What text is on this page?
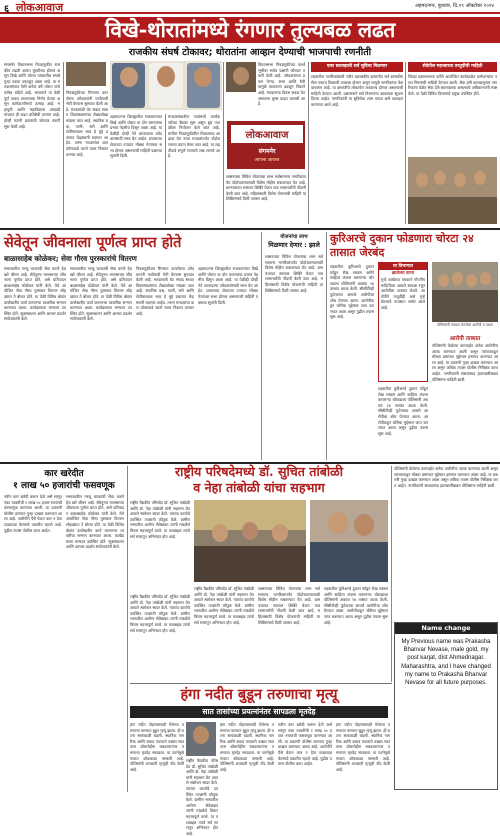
६ लोकआवाज	अहमदनगर, बुधवार, दि.२९ ऑक्टोबर २०२४
विखे-थोरातांमध्ये रंगणार तुल्यबळ लढत
राजकीय संघर्ष टोकावर; थोरातांना आव्हान देण्याची भाजपाची रणनीती
संगमनेर विधानसभा निवडणुकीत राजकीय लढती अत्यंत चुरशीच्या होणार असून विखे आणि थोरात यांच्यातील संघर्ष पुन्हा एकदा उफाळून आला आहे. या मतदारसंघात गेली अनेक वर्षे थोरात यांचे वर्चस्व राहिले आहे. भाजपाने या वेळी पूर्ण ताकद लावण्याचा निर्णय घेतला असून कार्यकर्त्यांमध्ये उत्साह आहे. महायुती आणि महाविकास आघाडी यांच्यात ही लढत प्रतिष्ठेची ठरणार आहे. दोन्ही गटांनी प्रचाराची जोरदार तयारी सुरू केली आहे.
निवडणुकीच्या रिंगणात उतरलेल्या उमेदवारांनी गावोगावी भेटी घेण्यास सुरुवात केली आहे. मतदारांशी थेट संवाद साधत विकासकामांचा लेखाजोखा मांडला जात आहे. स्थानिक प्रश्न, पाणी, रस्ते आणि शेतीमालाला भाव हे मुद्दे प्रचारात केंद्रस्थानी राहणार आहेत. तरुण मतदारांचा कल कोणाकडे जातो यावर निकाल ठरणार आहे.
अहमदनगर जिल्ह्यातील राजकारणात विखे आणि थोरात या दोन घराण्यांचा प्रभाव नेहमीच दिसून आला आहे. या वेळीही दोन्ही नेते आपापल्या उमेदवारांसाठी सभा घेत आहेत. प्रचाराच्या शेवटच्या टप्प्यात मोठ्या नेत्यांच्या सभा होणार असल्याची माहिती पक्षाच्या सूत्रांनी दिली.
मतदारसंघातील गावांमध्ये कार्यकर्त्यांच्या बैठका सुरू असून बूथ पातळीवर नियोजन केले जात आहे. मागील निवडणुकीतील निकालाचा आढावा घेत नव्या मतदारांपर्यंत पोहोचण्याचा प्रयत्न केला जात आहे. या लढतीकडे संपूर्ण राज्याचे लक्ष लागले आहे.
विधानसभा निवडणुकीच्या पार्श्वभूमीवर सर्वच पक्षांनी जोरदार तयारी केली आहे. उमेदवारांच्या प्रचार फेऱ्या, सभा आणि रॅली यामुळे वातावरण ढवळून निघाले आहे. मतदानाचा दिवस जवळ येत असताना चुरस वाढत चालली आहे.
लोकआवाज
संगमनेर
आपला आवाज
शासनाच्या विविध योजनांचा लाभ सर्वसामान्य नागरिकांपर्यंत पोहोचवण्यासाठी विशेष मोहीम राबवण्यात येत आहे. ग्रामपंचायत स्तरावर शिबिरे घेऊन पात्र लाभार्थ्यांची नोंदणी केली जात आहे. महिलांसाठी विशेष योजनांची माहिती या शिबिरांमध्ये दिली जाणार आहे.
एका छताखाली सर्व सुविधा मिळणार
शहरातील नागरिकांसाठी नवीन प्रशासकीय इमारतीत सर्व शासकीय सेवा एकाच ठिकाणी उपलब्ध होणार असून यामुळे नागरिकांचा वेळ वाचणार आहे. या इमारतीचे लोकार्पण लवकरच होणार असल्याची माहिती देण्यात आली. प्रशासनाने सर्व विभागांना आवश्यक सूचना दिल्या आहेत. नागरिकांनी या सुविधेचा लाभ घ्यावा असे आवाहन करण्यात आले आहे.
सेवेतील महत्त्वाच्या तरतुदींची माहिती
जिल्हा प्रशासनाच्या वतीने आयोजित कार्यशाळेत कर्मचाऱ्यांना नव्या नियमांची माहिती देण्यात आली. सेवा हमी कायद्यानुसार नागरिकांना वेळेत सेवा देणे बंधनकारक असल्याचे अधिकाऱ्यांनी स्पष्ट केले. या वेळी विविध विभागांचे प्रमुख उपस्थित होते.
सेवेतून जीवनाला पूर्णत्व प्राप्त होते
बाळासाहेब कोळेकर; सेवा गौरव पुरस्कारांचे वितरण
समाजातील गरजू घटकांची सेवा करणे हेच खरे जीवन आहे. सेवेतूनच माणसाच्या जीवनाला पूर्णत्व प्राप्त होते, असे प्रतिपादन बाळासाहेब कोळेकर यांनी केले. येथे आयोजित सेवा गौरव पुरस्कार वितरण सोहळ्यात ते बोलत होते. या वेळी विविध क्षेत्रांत उल्लेखनीय कार्य करणाऱ्या व्यक्तींचा सन्मान करण्यात आला. कार्यक्रमाला मान्यवर उपस्थित होते. सूत्रसंचालन आणि आभार प्रदर्शन संयोजकांनी केले.
समाजातील गरजू घटकांची सेवा करणे हेच खरे जीवन आहे. सेवेतूनच माणसाच्या जीवनाला पूर्णत्व प्राप्त होते, असे प्रतिपादन बाळासाहेब कोळेकर यांनी केले. येथे आयोजित सेवा गौरव पुरस्कार वितरण सोहळ्यात ते बोलत होते. या वेळी विविध क्षेत्रांत उल्लेखनीय कार्य करणाऱ्या व्यक्तींचा सन्मान करण्यात आला. कार्यक्रमाला मान्यवर उपस्थित होते. सूत्रसंचालन आणि आभार प्रदर्शन संयोजकांनी केले.
निवडणुकीच्या रिंगणात उतरलेल्या उमेदवारांनी गावोगावी भेटी घेण्यास सुरुवात केली आहे. मतदारांशी थेट संवाद साधत विकासकामांचा लेखाजोखा मांडला जात आहे. स्थानिक प्रश्न, पाणी, रस्ते आणि शेतीमालाला भाव हे मुद्दे प्रचारात केंद्रस्थानी राहणार आहेत. तरुण मतदारांचा कल कोणाकडे जातो यावर निकाल ठरणार आहे.
अहमदनगर जिल्ह्यातील राजकारणात विखे आणि थोरात या दोन घराण्यांचा प्रभाव नेहमीच दिसून आला आहे. या वेळीही दोन्ही नेते आपापल्या उमेदवारांसाठी सभा घेत आहेत. प्रचाराच्या शेवटच्या टप्प्यात मोठ्या नेत्यांच्या सभा होणार असल्याची माहिती पक्षाच्या सूत्रांनी दिली.
योजनांचा लाभ
मिळणार देणार : झाले
शासनाच्या विविध योजनांचा लाभ सर्वसामान्य नागरिकांपर्यंत पोहोचवण्यासाठी विशेष मोहीम राबवण्यात येत आहे. ग्रामपंचायत स्तरावर शिबिरे घेऊन पात्र लाभार्थ्यांची नोंदणी केली जात आहे. महिलांसाठी विशेष योजनांची माहिती या शिबिरांमध्ये दिली जाणार आहे.
कुरिअरचे दुकान फोडणारा चोरटा २४ तासात जेरबंद
शहरातील कुरिअरचे दुकान फोडून रोख रक्कम आणि साहित्य लंपास करणाऱ्या चोरट्याला पोलिसांनी अवघ्या २४ तासांत अटक केली. सीसीटीव्ही फुटेजच्या आधारे आरोपीचा शोध घेण्यात आला. आरोपीकडून चोरीचा मुद्देमाल जप्त करण्यात आला असून पुढील तपास सुरू आहे.
या विभागात
झालेल्या घटना
गुन्हे शाखेच्या पथकाने गोपनीय माहितीच्या आधारे सापळा रचून आरोपीला ताब्यात घेतले. आरोपीने यापूर्वीही असे गुन्हे केल्याचे तपासात समोर आले आहे.
पोलिसांनी ताब्यात घेतलेला आरोपी व पथक
शहरातील कुरिअरचे दुकान फोडून रोख रक्कम आणि साहित्य लंपास करणाऱ्या चोरट्याला पोलिसांनी अवघ्या २४ तासांत अटक केली. सीसीटीव्ही फुटेजच्या आधारे आरोपीचा शोध घेण्यात आला. आरोपीकडून चोरीचा मुद्देमाल जप्त करण्यात आला असून पुढील तपास सुरू आहे.
आरोपी ताब्यात
पोलिसांनी केलेल्या कारवाईत अनेक आरोपींना अटक करण्यात आली असून त्यांच्याकडून मोठ्या प्रमाणात मुद्देमाल हस्तगत करण्यात आला आहे. या प्रकरणी गुन्हा दाखल करण्यात आला असून अधिक तपास पोलीस निरीक्षक करत आहेत. नागरिकांनी संशयास्पद हालचालींबाबत पोलिसांना माहिती द्यावी.
कार खरेदीत
१ लाख ५० हजारांची फसवणूक
नवीन कार खरेदी करून देतो असे सांगून एका व्यक्तीची १ लाख ५० हजार रुपयांची फसवणूक करण्यात आली. या प्रकरणी पोलीस ठाण्यात गुन्हा दाखल करण्यात आला आहे. आरोपीने पैसे घेऊन कार न देता टाळाटाळ केल्याचे तक्रारीत म्हटले आहे. पुढील तपास पोलीस करत आहेत.
समाजातील गरजू घटकांची सेवा करणे हेच खरे जीवन आहे. सेवेतूनच माणसाच्या जीवनाला पूर्णत्व प्राप्त होते, असे प्रतिपादन बाळासाहेब कोळेकर यांनी केले. येथे आयोजित सेवा गौरव पुरस्कार वितरण सोहळ्यात ते बोलत होते. या वेळी विविध क्षेत्रांत उल्लेखनीय कार्य करणाऱ्या व्यक्तींचा सन्मान करण्यात आला. कार्यक्रमाला मान्यवर उपस्थित होते. सूत्रसंचालन आणि आभार प्रदर्शन संयोजकांनी केले.
राष्ट्रीय परिषदेमध्ये डॉ. सुचित तांबोळी
व नेहा तांबोळी यांचा सहभाग
राष्ट्रीय वैद्यकीय परिषदेत डॉ. सुचित तांबोळी आणि डॉ. नेहा तांबोळी यांनी सहभाग घेत आपले संशोधन सादर केले. त्यांच्या कार्याचे उपस्थित तज्ज्ञांनी कौतुक केले. ग्रामीण भागातील आरोग्य सेवेबाबत त्यांनी मांडलेले विचार महत्त्वपूर्ण ठरले. या यशाबद्दल त्यांचे सर्व स्तरांतून अभिनंदन होत आहे.
राष्ट्रीय वैद्यकीय परिषदेत डॉ. सुचित तांबोळी आणि डॉ. नेहा तांबोळी यांनी सहभाग घेत आपले संशोधन सादर केले. त्यांच्या कार्याचे उपस्थित तज्ज्ञांनी कौतुक केले. ग्रामीण भागातील आरोग्य सेवेबाबत त्यांनी मांडलेले विचार महत्त्वपूर्ण ठरले. या यशाबद्दल त्यांचे सर्व स्तरांतून अभिनंदन होत आहे.
राष्ट्रीय वैद्यकीय परिषदेत डॉ. सुचित तांबोळी आणि डॉ. नेहा तांबोळी यांनी सहभाग घेत आपले संशोधन सादर केले. त्यांच्या कार्याचे उपस्थित तज्ज्ञांनी कौतुक केले. ग्रामीण भागातील आरोग्य सेवेबाबत त्यांनी मांडलेले विचार महत्त्वपूर्ण ठरले. या यशाबद्दल त्यांचे सर्व स्तरांतून अभिनंदन होत आहे.
शासनाच्या विविध योजनांचा लाभ सर्वसामान्य नागरिकांपर्यंत पोहोचवण्यासाठी विशेष मोहीम राबवण्यात येत आहे. ग्रामपंचायत स्तरावर शिबिरे घेऊन पात्र लाभार्थ्यांची नोंदणी केली जात आहे. महिलांसाठी विशेष योजनांची माहिती या शिबिरांमध्ये दिली जाणार आहे.
शहरातील कुरिअरचे दुकान फोडून रोख रक्कम आणि साहित्य लंपास करणाऱ्या चोरट्याला पोलिसांनी अवघ्या २४ तासांत अटक केली. सीसीटीव्ही फुटेजच्या आधारे आरोपीचा शोध घेण्यात आला. आरोपीकडून चोरीचा मुद्देमाल जप्त करण्यात आला असून पुढील तपास सुरू आहे.
पोलिसांनी केलेल्या कारवाईत अनेक आरोपींना अटक करण्यात आली असून त्यांच्याकडून मोठ्या प्रमाणात मुद्देमाल हस्तगत करण्यात आला आहे. या प्रकरणी गुन्हा दाखल करण्यात आला असून अधिक तपास पोलीस निरीक्षक करत आहेत. नागरिकांनी संशयास्पद हालचालींबाबत पोलिसांना माहिती द्यावी.
हंगा नदीत बुडून तरुणाचा मृत्यू
सात तासांच्या प्रयत्नांनंतर सापडला मृतदेह
हंगा नदीत पोहण्यासाठी गेलेल्या तरुणाचा पाण्यात बुडून मृत्यू झाला. ही घटना सायंकाळी घडली. स्थानिक नागरिक आणि बचाव पथकाने तब्बल सात तास शोधमोहीम राबवल्यानंतर तरुणाचा मृतदेह सापडला. या घटनेमुळे गावात शोककळा पसरली आहे. पोलिसांनी अपघाती मृत्यूची नोंद केली आहे.
हंगा नदीत पोहण्यासाठी गेलेल्या तरुणाचा पाण्यात बुडून मृत्यू झाला. ही घटना सायंकाळी घडली. स्थानिक नागरिक आणि बचाव पथकाने तब्बल सात तास शोधमोहीम राबवल्यानंतर तरुणाचा मृतदेह सापडला. या घटनेमुळे गावात शोककळा पसरली आहे. पोलिसांनी अपघाती मृत्यूची नोंद केली आहे.
नवीन कार खरेदी करून देतो असे सांगून एका व्यक्तीची १ लाख ५० हजार रुपयांची फसवणूक करण्यात आली. या प्रकरणी पोलीस ठाण्यात गुन्हा दाखल करण्यात आला आहे. आरोपीने पैसे घेऊन कार न देता टाळाटाळ केल्याचे तक्रारीत म्हटले आहे. पुढील तपास पोलीस करत आहेत.
हंगा नदीत पोहण्यासाठी गेलेल्या तरुणाचा पाण्यात बुडून मृत्यू झाला. ही घटना सायंकाळी घडली. स्थानिक नागरिक आणि बचाव पथकाने तब्बल सात तास शोधमोहीम राबवल्यानंतर तरुणाचा मृतदेह सापडला. या घटनेमुळे गावात शोककळा पसरली आहे. पोलिसांनी अपघाती मृत्यूची नोंद केली आहे.
राष्ट्रीय वैद्यकीय परिषदेत डॉ. सुचित तांबोळी आणि डॉ. नेहा तांबोळी यांनी सहभाग घेत आपले संशोधन सादर केले. त्यांच्या कार्याचे उपस्थित तज्ज्ञांनी कौतुक केले. ग्रामीण भागातील आरोग्य सेवेबाबत त्यांनी मांडलेले विचार महत्त्वपूर्ण ठरले. या यशाबद्दल त्यांचे सर्व स्तरांतून अभिनंदन होत आहे.
Name change
My Previous name was Prakasha Bhanvar Nevase, male gold, my post karjat, dist Ahmednagar. Maharashtra, and I have changed my name to Prakasha Bhanvar Nevase for all future purposes.
